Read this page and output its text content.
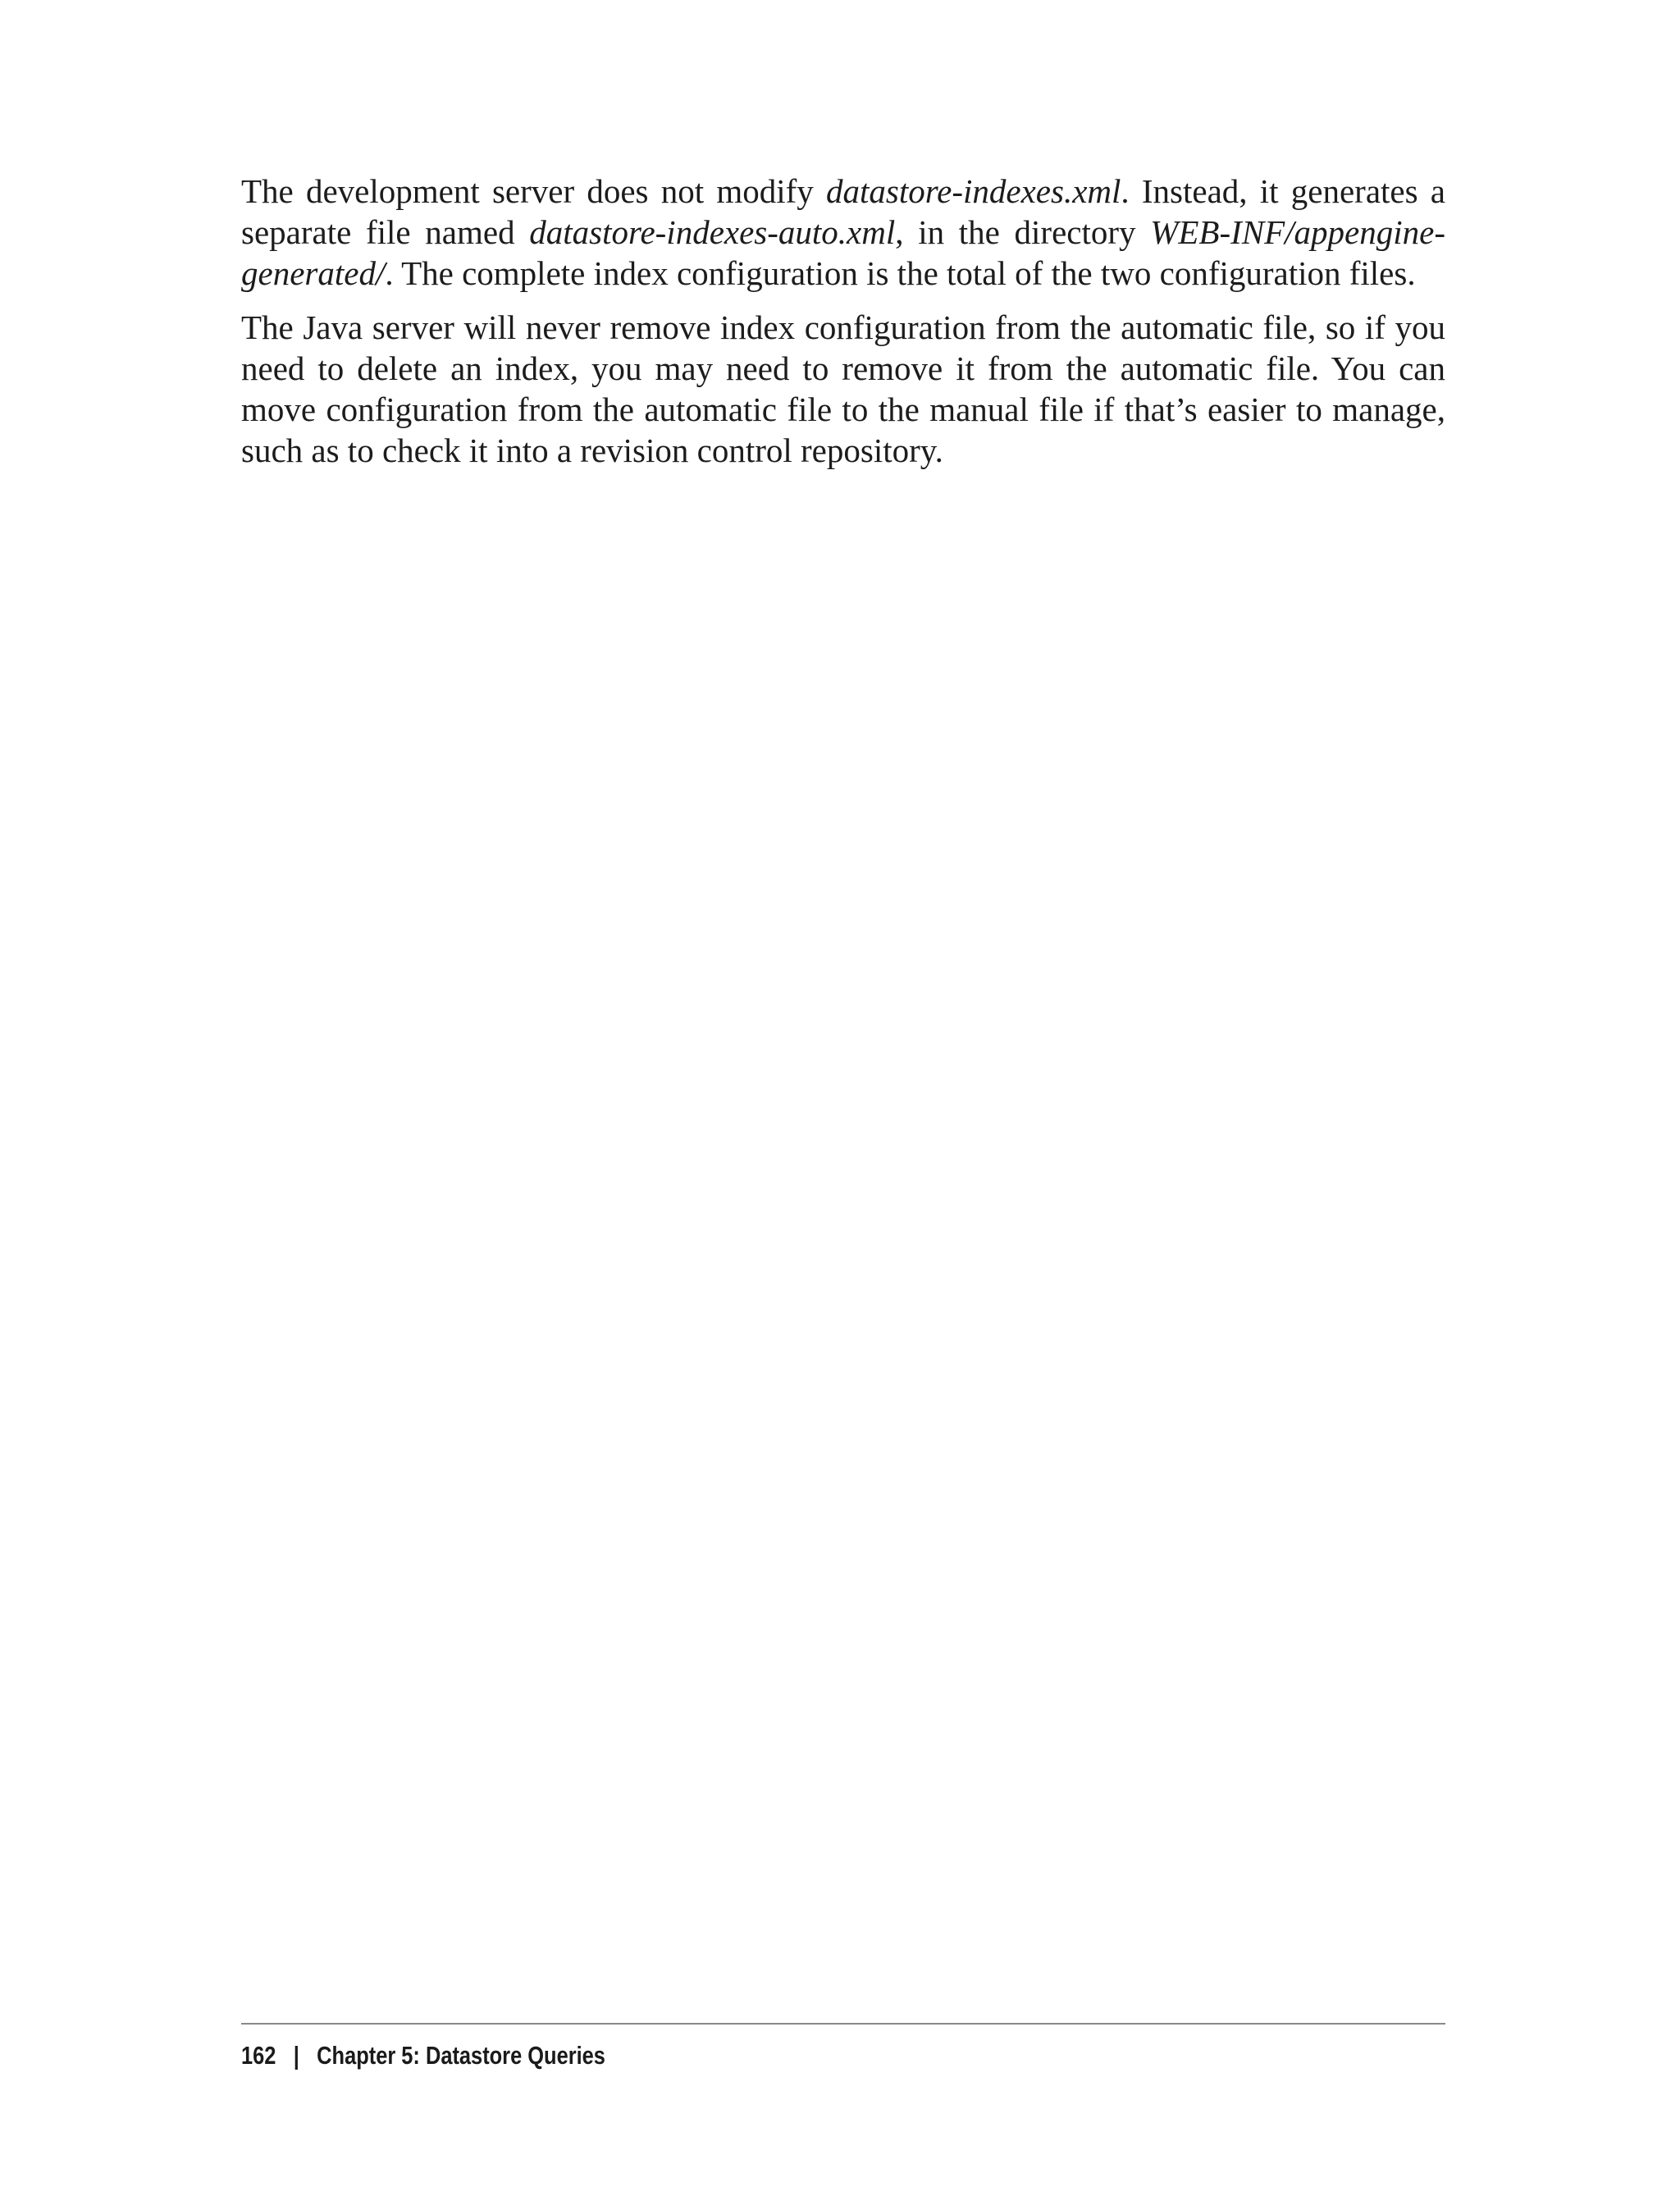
The development server does not modify datastore-indexes.xml. Instead, it generates a separate file named datastore-indexes-auto.xml, in the directory WEB-INF/appengine-generated/. The complete index configuration is the total of the two configuration files.

The Java server will never remove index configuration from the automatic file, so if you need to delete an index, you may need to remove it from the automatic file. You can move configuration from the automatic file to the manual file if that’s easier to manage, such as to check it into a revision control repository.

162 | Chapter 5: Datastore Queries
